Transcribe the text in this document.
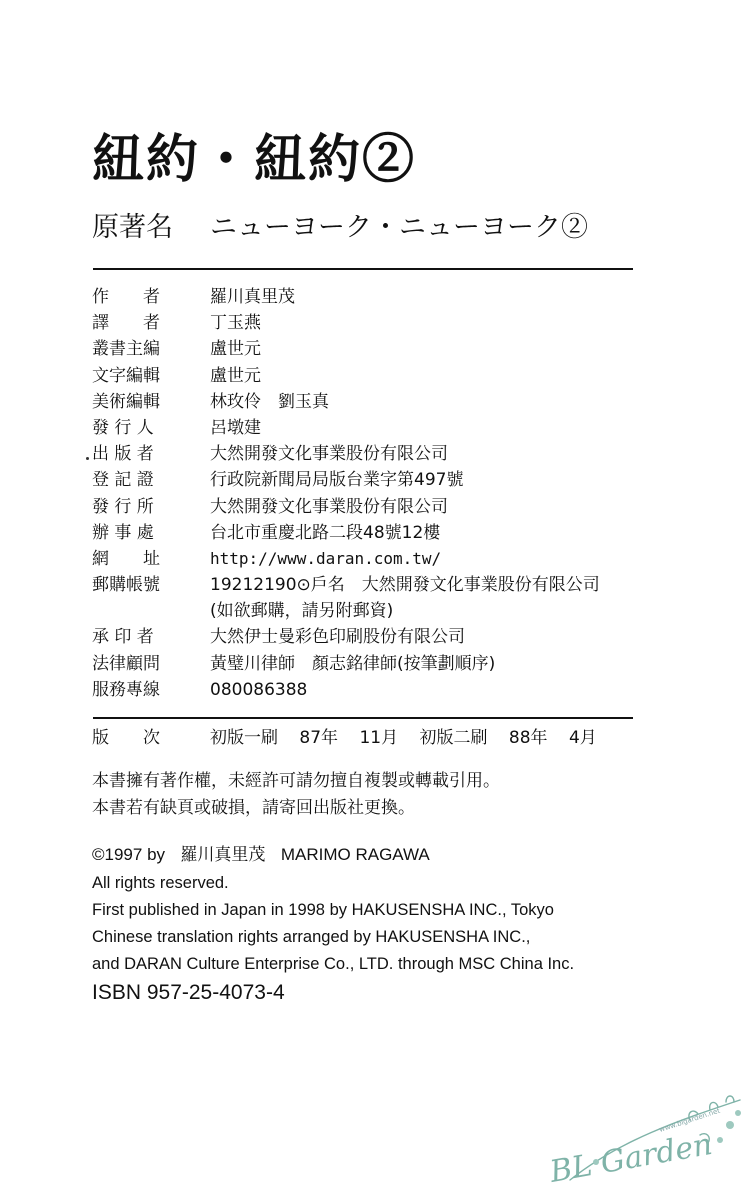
紐約・紐約②
原著名 ニューヨーク・ニューヨーク②
作　　者	羅川真里茂
譯　　者	丁玉燕
叢書主編	盧世元
文字編輯	盧世元
美術編輯	林玫伶　劉玉真
發 行 人	呂墩建
出 版 者	大然開發文化事業股份有限公司
登 記 證	行政院新聞局局版台業字第497號
發 行 所	大然開發文化事業股份有限公司
辦 事 處	台北市重慶北路二段48號12樓
網　　址	http://www.daran.com.tw/
郵購帳號	19212190⊙戶名　大然開發文化事業股份有限公司
(如欲郵購，請另附郵資)
承 印 者	大然伊士曼彩色印刷股份有限公司
法律顧問	黃璧川律師　顏志銘律師(按筆劃順序)
服務專線	080086388
版　　次	初版一刷 87年 11月 初版二刷 88年 4月
本書擁有著作權，未經許可請勿擅自複製或轉載引用。
本書若有缺頁或破損，請寄回出版社更換。
©1997 by 羅川真里茂 MARIMO RAGAWA
All rights reserved.
First published in Japan in 1998 by HAKUSENSHA INC., Tokyo
Chinese translation rights arranged by HAKUSENSHA INC.,
and DARAN Culture Enterprise Co., LTD. through MSC China Inc.
ISBN 957-25-4073-4
www.blgarden.net
BL Garden
